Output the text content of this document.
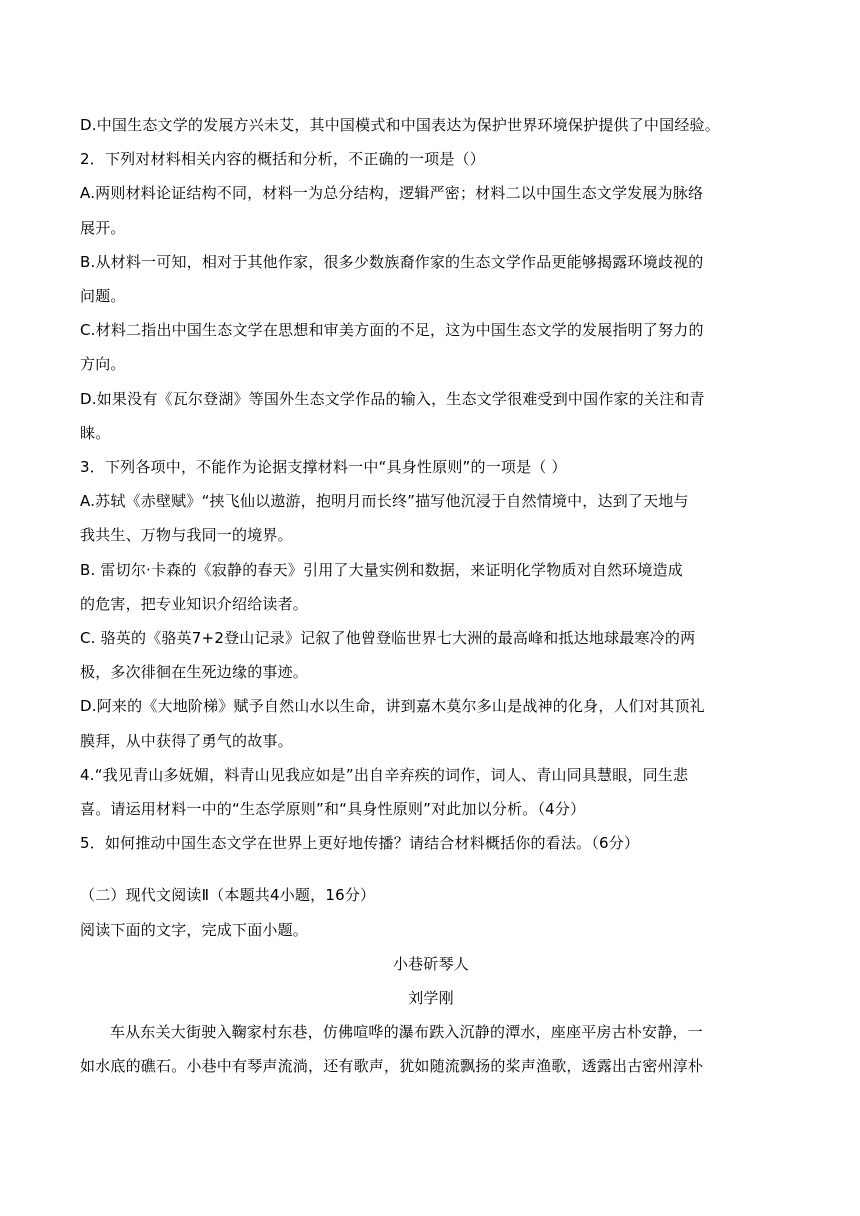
D.中国生态文学的发展方兴未艾，其中国模式和中国表达为保护世界环境保护提供了中国经验。
2．下列对材料相关内容的概括和分析，不正确的一项是（）
A.两则材料论证结构不同，材料一为总分结构，逻辑严密；材料二以中国生态文学发展为脉络
展开。
B.从材料一可知，相对于其他作家，很多少数族裔作家的生态文学作品更能够揭露环境歧视的
问题。
C.材料二指出中国生态文学在思想和审美方面的不足，这为中国生态文学的发展指明了努力的
方向。
D.如果没有《瓦尔登湖》等国外生态文学作品的输入，生态文学很难受到中国作家的关注和青
睐。
3．下列各项中，不能作为论据支撑材料一中“具身性原则”的一项是（ ）
A.苏轼《赤壁赋》“挟飞仙以遨游，抱明月而长终”描写他沉浸于自然情境中，达到了天地与
我共生、万物与我同一的境界。
B. 雷切尔·卡森的《寂静的春天》引用了大量实例和数据，来证明化学物质对自然环境造成
的危害，把专业知识介绍给读者。
C. 骆英的《骆英7+2登山记录》记叙了他曾登临世界七大洲的最高峰和抵达地球最寒冷的两
极，多次徘徊在生死边缘的事迹。
D.阿来的《大地阶梯》赋予自然山水以生命，讲到嘉木莫尔多山是战神的化身，人们对其顶礼
膜拜，从中获得了勇气的故事。
4.“我见青山多妩媚，料青山见我应如是”出自辛弃疾的词作，词人、青山同具慧眼，同生悲
喜。请运用材料一中的“生态学原则”和“具身性原则”对此加以分析。（4分）
5．如何推动中国生态文学在世界上更好地传播？请结合材料概括你的看法。（6分）
（二）现代文阅读Ⅱ（本题共4小题，16分）
阅读下面的文字，完成下面小题。
小巷斫琴人
刘学刚
车从东关大街驶入鞠家村东巷，仿佛喧哗的瀑布跌入沉静的潭水，座座平房古朴安静，一
如水底的礁石。小巷中有琴声流淌，还有歌声，犹如随流飘扬的桨声渔歌，透露出古密州淳朴
